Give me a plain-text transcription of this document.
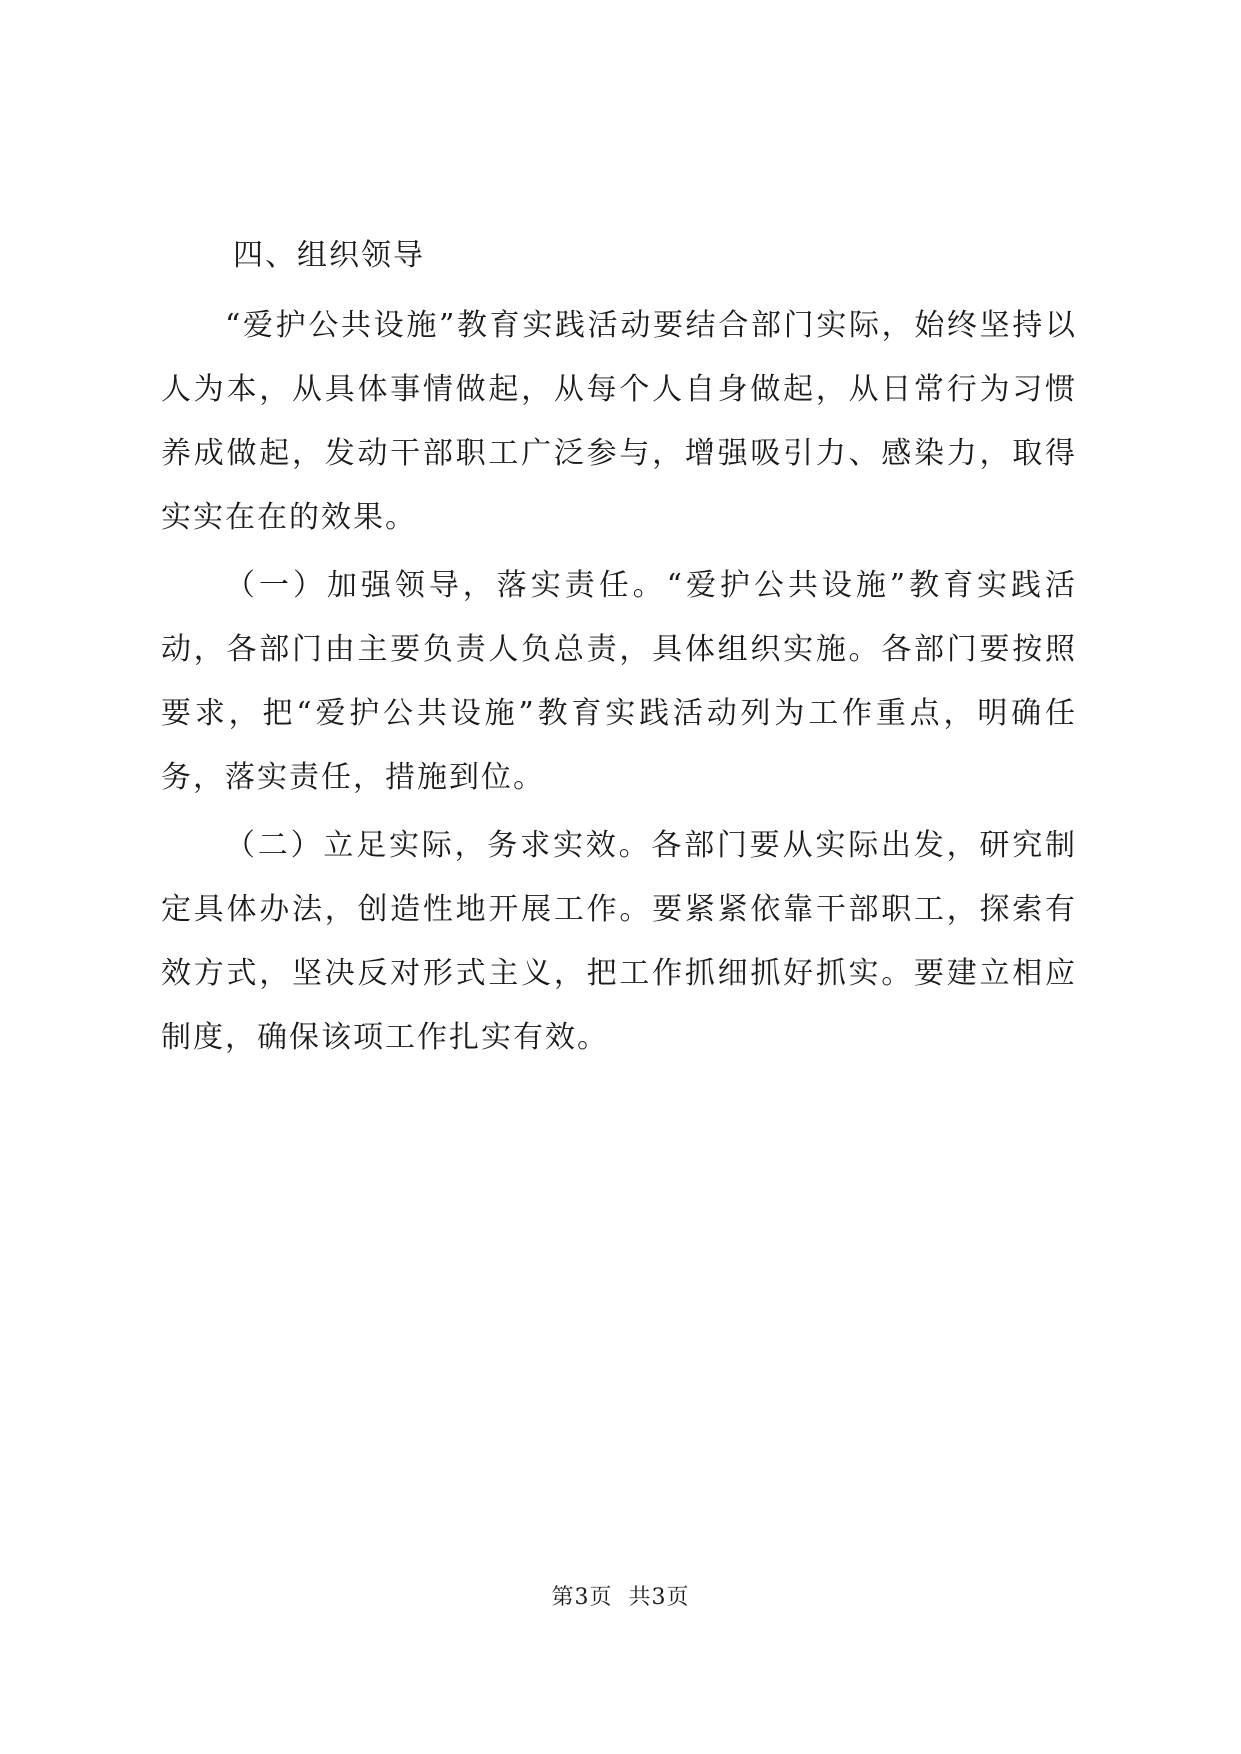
四、组织领导

“爱护公共设施”教育实践活动要结合部门实际，始终坚持以人为本，从具体事情做起，从每个人自身做起，从日常行为习惯养成做起，发动干部职工广泛参与，增强吸引力、感染力，取得实实在在的效果。

（一）加强领导，落实责任。“爱护公共设施”教育实践活动，各部门由主要负责人负总责，具体组织实施。各部门要按照要求，把“爱护公共设施”教育实践活动列为工作重点，明确任务，落实责任，措施到位。

（二）立足实际，务求实效。各部门要从实际出发，研究制定具体办法，创造性地开展工作。要紧紧依靠干部职工，探索有效方式，坚决反对形式主义，把工作抓细抓好抓实。要建立相应制度，确保该项工作扎实有效。

第3页 共3页
